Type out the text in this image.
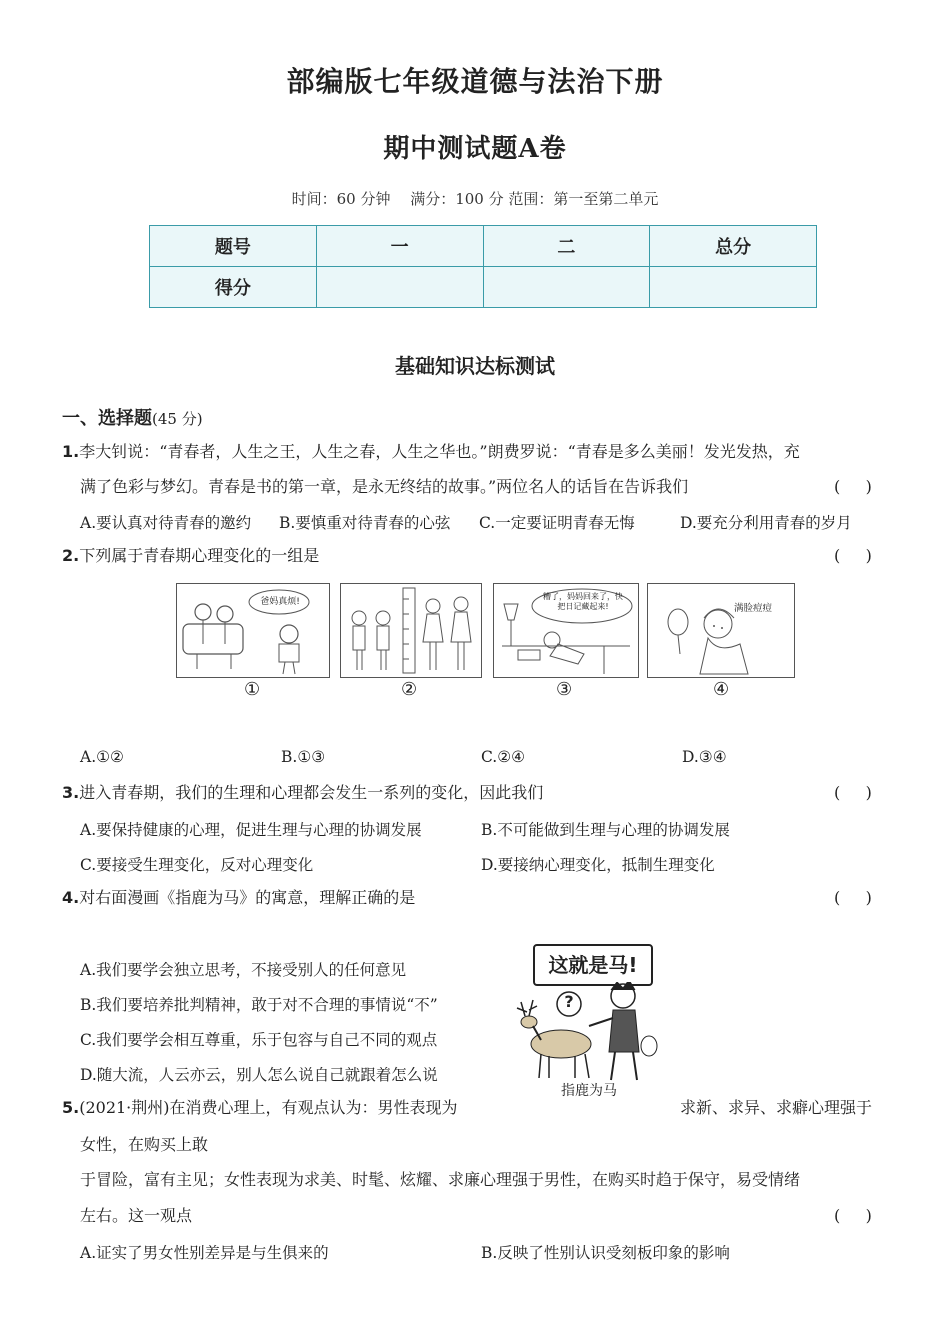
部编版七年级道德与法治下册
期中测试题A卷
时间：60 分钟　 满分：100 分 范围：第一至第二单元
题号	一	二	总分
得分			
基础知识达标测试
一、选择题(45 分)
1.李大钊说：“青春者，人生之王，人生之春，人生之华也。”朗费罗说：“青春是多么美丽！发光发热，充
满了色彩与梦幻。青春是书的第一章，是永无终结的故事。”两位名人的话旨在告诉我们	(     )
A.要认真对待青春的邀约 B.要慎重对待青春的心弦 C.一定要证明青春无悔	D.要充分利用青春的岁月
2.下列属于青春期心理变化的一组是	(     )
爸妈真烦!
糟了，妈妈回来了，快把日记藏起来!	满脸痘痘
①	②	③	④
A.①②	B.①③	C.②④	D.③④
3.进入青春期，我们的生理和心理都会发生一系列的变化，因此我们	(     )
A.要保持健康的心理，促进生理与心理的协调发展	B.不可能做到生理与心理的协调发展
C.要接受生理变化，反对心理变化	D.要接纳心理变化，抵制生理变化
4.对右面漫画《指鹿为马》的寓意，理解正确的是	(     )
A.我们要学会独立思考，不接受别人的任何意见
B.我们要培养批判精神，敢于对不合理的事情说“不”
C.我们要学会相互尊重，乐于包容与自己不同的观点
D.随大流，人云亦云，别人怎么说自己就跟着怎么说
这就是马!
?
指鹿为马
5.(2021·荆州)在消费心理上，有观点认为：男性表现为	求新、求异、求癖心理强于
女性，在购买上敢
于冒险，富有主见；女性表现为求美、时髦、炫耀、求廉心理强于男性，在购买时趋于保守，易受情绪
左右。这一观点	(     )
A.证实了男女性别差异是与生俱来的	B.反映了性别认识受刻板印象的影响
